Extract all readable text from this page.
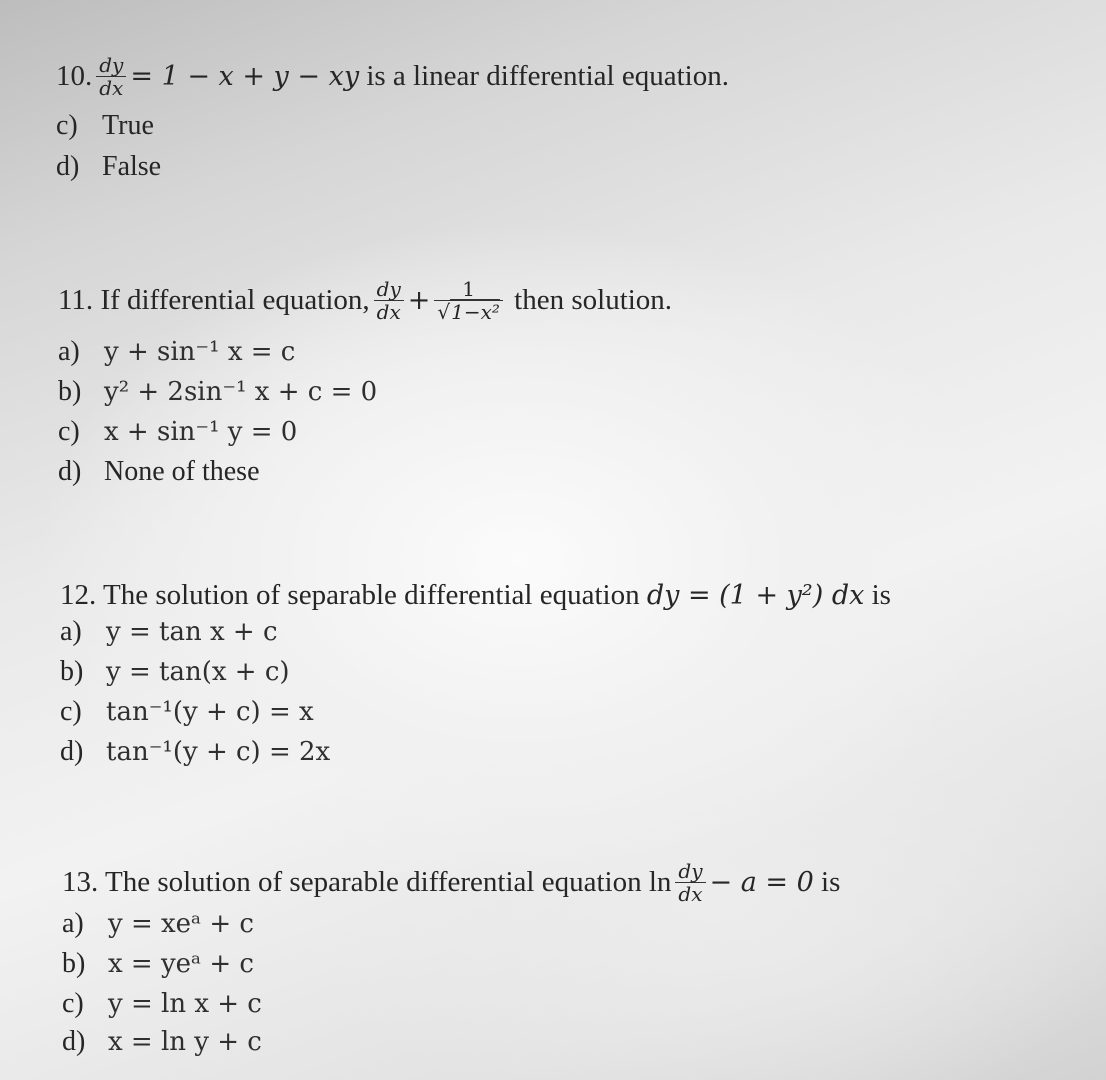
10. $\frac{dy}{dx} = 1 - x + y$ − xy is a linear differential equation.
c) True
d) False
11. If differential equation, $\frac{dy}{dx} + \frac{1}{\text{√1−x²}}$ then solution.
a) y + sin⁻¹ x = c
b) y² + 2sin⁻¹ x + c = 0
c) x + sin⁻¹ y = 0
d) None of these
12. The solution of separable differential equation dy = (1 + y²) dx is
a) y = tan x + c
b) y = tan(x + c)
c) tan⁻¹(y + c) = x
d) tan⁻¹(y + c) = 2x
13. The solution of separable differential equation $\ln \frac{dy}{dx} - a = 0$ is
a) y = xeᵃ + c
b) x = yeᵃ + c
c) y = ln x + c
d) x = ln y + c
